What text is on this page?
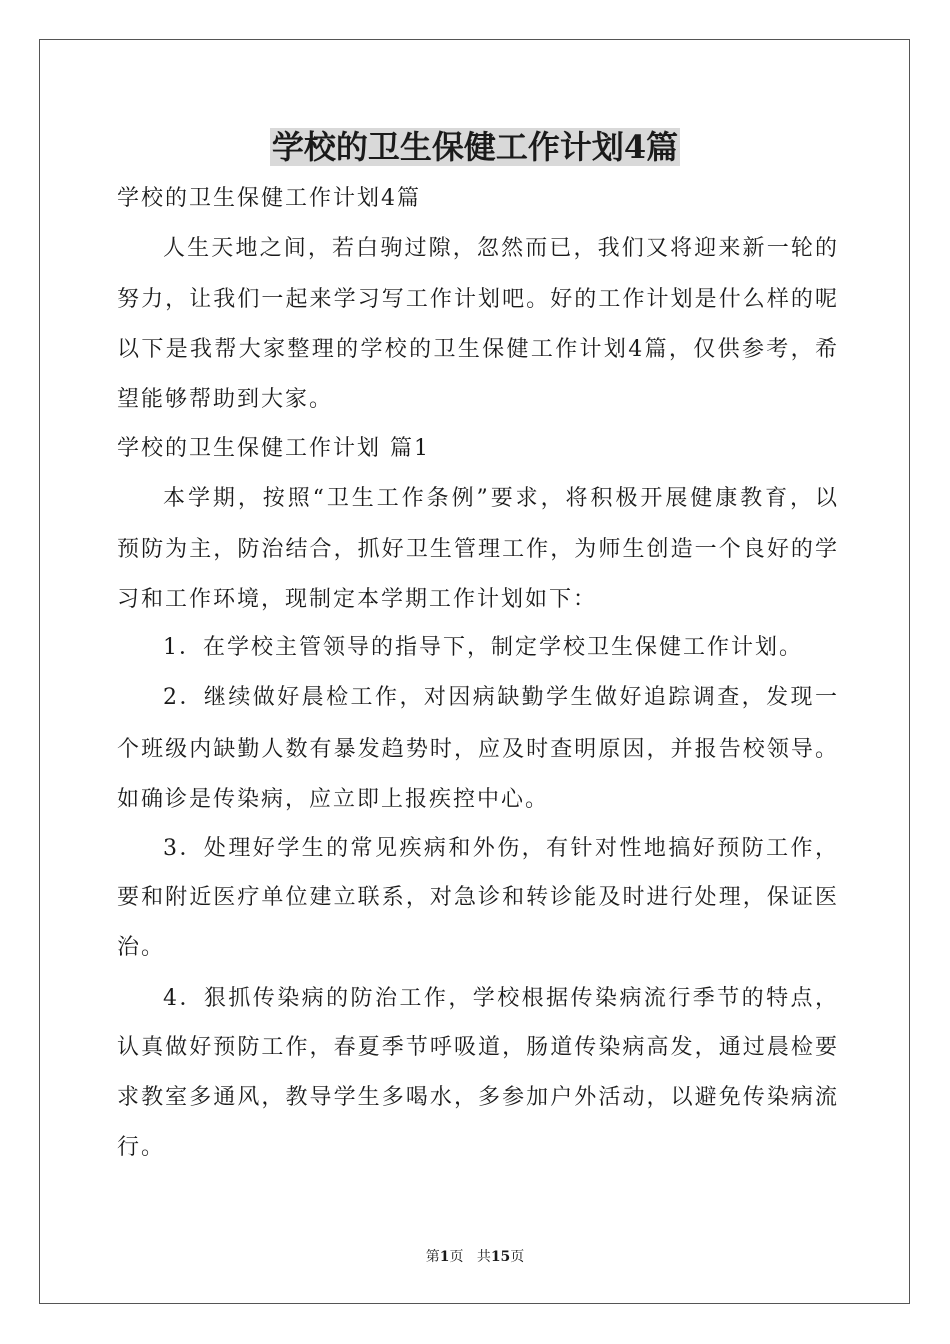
学校的卫生保健工作计划4篇
学校的卫生保健工作计划4篇
人生天地之间，若白驹过隙，忽然而已，我们又将迎来新一轮的
努力，让我们一起来学习写工作计划吧。好的工作计划是什么样的呢
以下是我帮大家整理的学校的卫生保健工作计划4篇，仅供参考，希
望能够帮助到大家。
学校的卫生保健工作计划 篇1
本学期，按照“卫生工作条例”要求，将积极开展健康教育，以
预防为主，防治结合，抓好卫生管理工作，为师生创造一个良好的学
习和工作环境，现制定本学期工作计划如下：
1．在学校主管领导的指导下，制定学校卫生保健工作计划。
2．继续做好晨检工作，对因病缺勤学生做好追踪调查，发现一
个班级内缺勤人数有暴发趋势时，应及时查明原因，并报告校领导。
如确诊是传染病，应立即上报疾控中心。
3．处理好学生的常见疾病和外伤，有针对性地搞好预防工作，
要和附近医疗单位建立联系，对急诊和转诊能及时进行处理，保证医
治。
4．狠抓传染病的防治工作，学校根据传染病流行季节的特点，
认真做好预防工作，春夏季节呼吸道，肠道传染病高发，通过晨检要
求教室多通风，教导学生多喝水，多参加户外活动，以避免传染病流
行。
第1页 共15页
